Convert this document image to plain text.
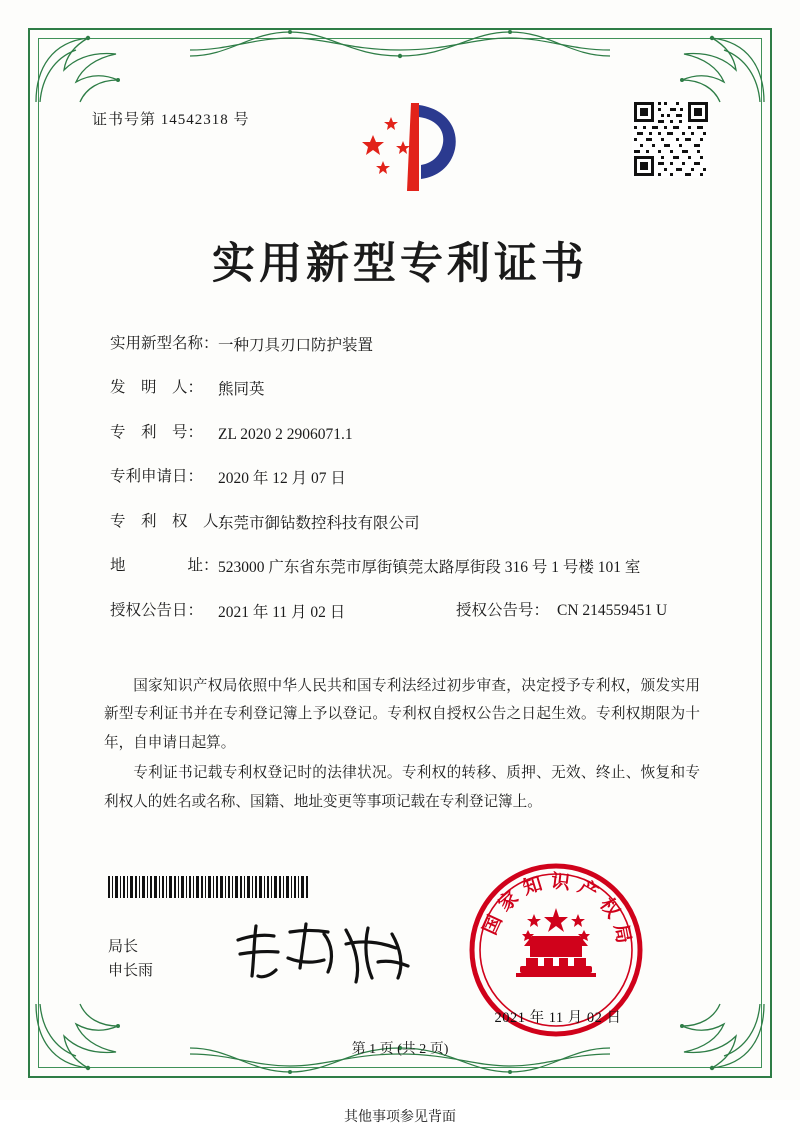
证书号第 14542318 号
实用新型专利证书
实用新型名称： 一种刀具刃口防护装置
发　明　人： 熊同英
专　利　号： ZL 2020 2 2906071.1
专利申请日： 2020 年 12 月 07 日
专　利　权　人：
东莞市御钻数控科技有限公司
地　　　　址： 523000 广东省东莞市厚街镇莞太路厚街段 316 号 1 号楼 101 室
授权公告日： 2021 年 11 月 02 日	授权公告号： CN 214559451 U

国家知识产权局依照中华人民共和国专利法经过初步审查，决定授予专利权，颁发实用新型专利证书并在专利登记簿上予以登记。专利权自授权公告之日起生效。专利权期限为十年，自申请日起算。

专利证书记载专利权登记时的法律状况。专利权的转移、质押、无效、终止、恢复和专利权人的姓名或名称、国籍、地址变更等事项记载在专利登记簿上。

局长
申长雨
国家知识产权局
2021 年 11 月 02 日
第 1 页 (共 2 页)
其他事项参见背面
